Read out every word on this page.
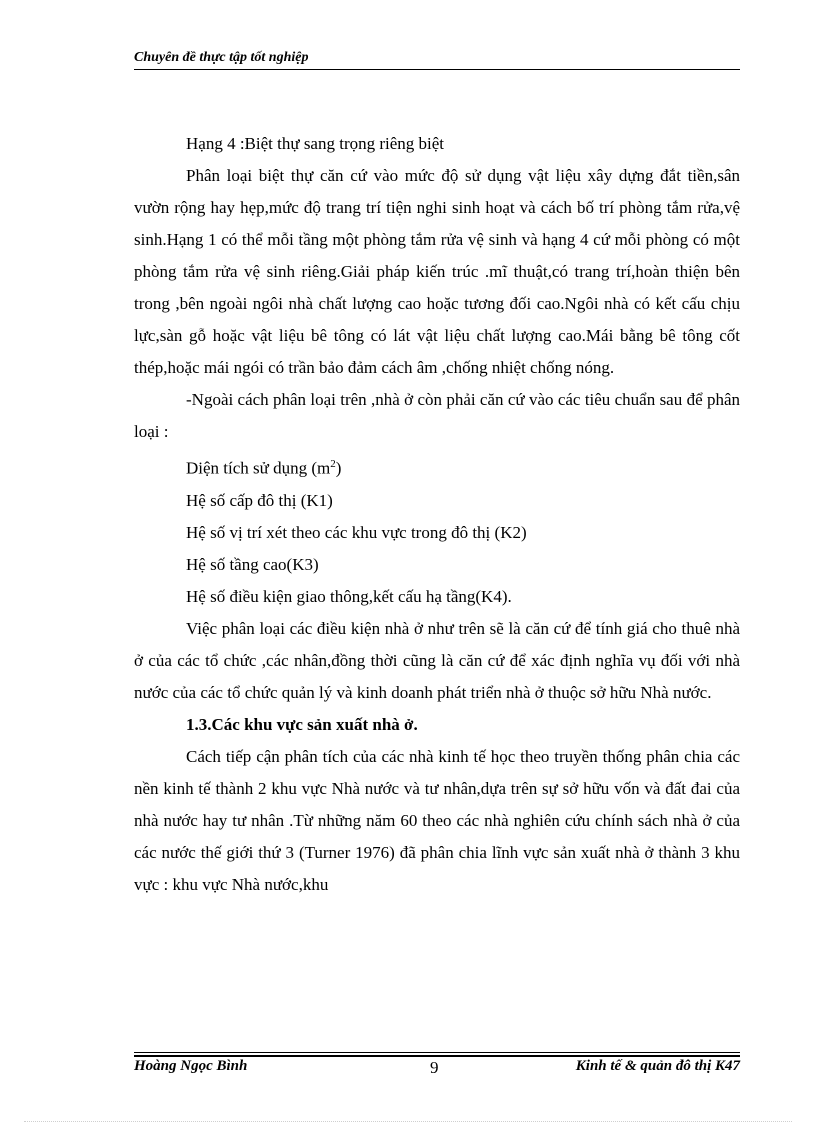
Chuyên đề thực tập tốt nghiệp

Hạng 4 :Biệt thự sang trọng riêng biệt

Phân loại biệt thự căn cứ vào mức độ sử dụng vật liệu xây dựng đắt tiền,sân vườn rộng hay hẹp,mức độ trang trí tiện nghi sinh hoạt và cách bố trí phòng tắm rửa,vệ sinh.Hạng 1 có thể mỗi tầng một phòng tắm rửa vệ sinh và hạng 4 cứ mỗi phòng có một phòng tắm rửa vệ sinh riêng.Giải pháp kiến trúc .mĩ thuật,có trang trí,hoàn thiện bên trong ,bên ngoài ngôi nhà chất lượng cao hoặc tương đối cao.Ngôi nhà có kết cấu chịu lực,sàn gỗ hoặc vật liệu bê tông có lát vật liệu chất lượng cao.Mái bằng bê tông cốt thép,hoặc mái ngói có trần bảo đảm cách âm ,chống nhiệt chống nóng.

-Ngoài cách phân loại trên ,nhà ở còn phải căn cứ vào các tiêu chuẩn sau để phân loại :

Diện tích sử dụng $(m^2)$

Hệ số cấp đô thị (K1)

Hệ số vị trí xét theo các khu vực trong đô thị (K2)

Hệ số tầng cao(K3)

Hệ số điều kiện giao thông,kết cấu hạ tầng(K4).

Việc phân loại các điều kiện nhà ở như trên sẽ là căn cứ để tính giá cho thuê nhà ở của các tổ chức ,các nhân,đồng thời cũng là căn cứ để xác định nghĩa vụ đối với nhà nước của các tổ chức quản lý và kinh doanh phát triển nhà ở thuộc sở hữu Nhà nước.

1.3.Các khu vực sản xuất nhà ở.

Cách tiếp cận phân tích của các nhà kinh tế học theo truyền thống phân chia các nền kinh tế thành 2 khu vực Nhà nước và tư nhân,dựa trên sự sở hữu vốn và đất đai của nhà nước hay tư nhân .Từ những năm 60 theo các nhà nghiên cứu chính sách nhà ở của các nước thế giới thứ 3 (Turner 1976) đã phân chia lĩnh vực sản xuất nhà ở thành 3 khu vực : khu vực Nhà nước,khu

Hoàng Ngọc Bình	Kinh tế & quản đô thị K47
9
